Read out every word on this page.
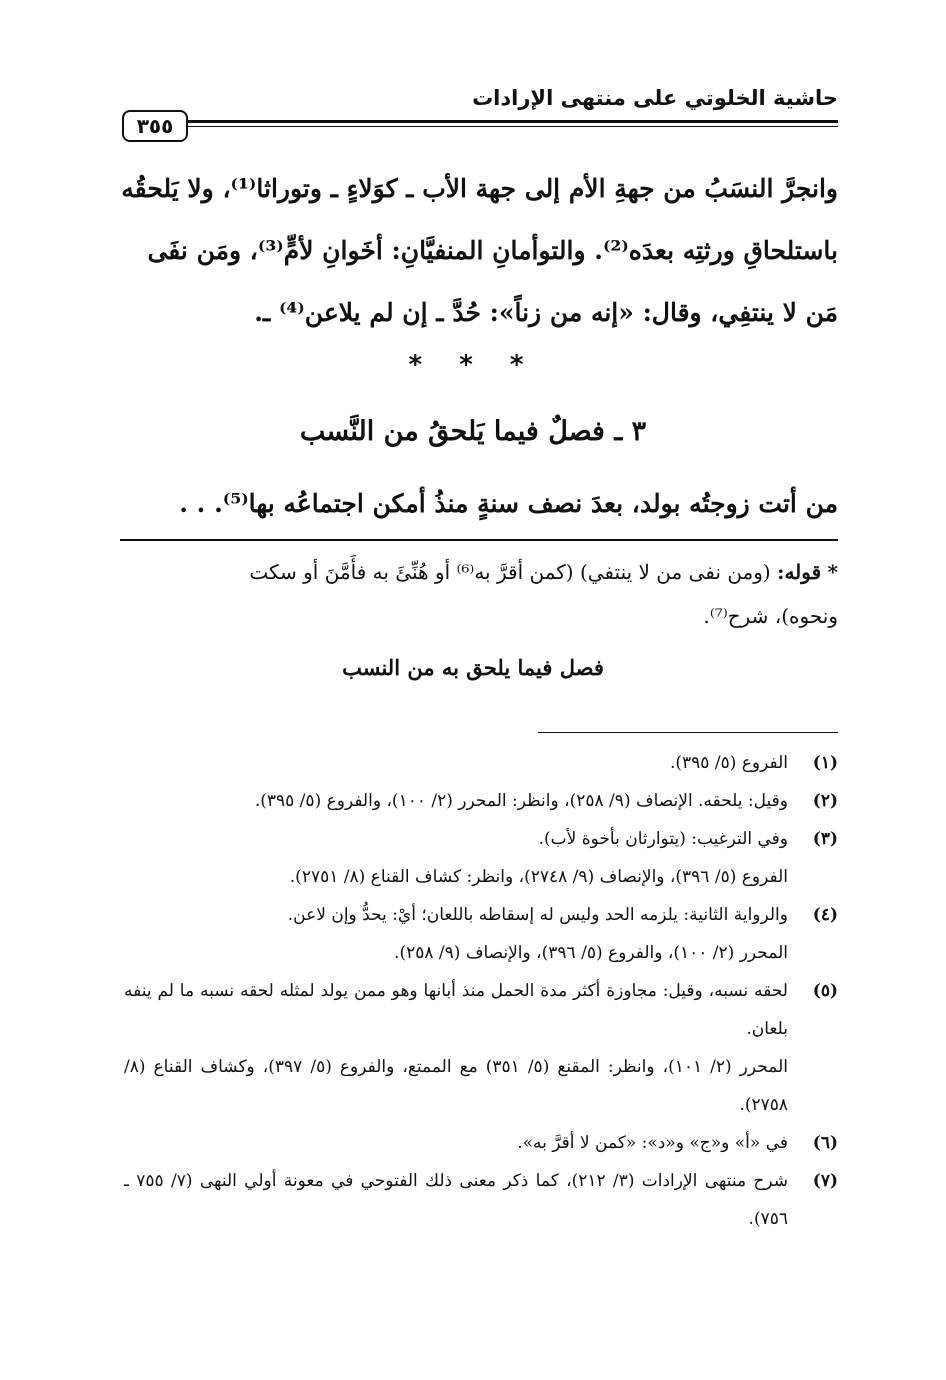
حاشية الخلوتي على منتهى الإرادات
٣٥٥

وانجرَّ النسَبُ من جهةِ الأم إلى جهة الأب ـ كوَلاءٍ ـ وتوراثا⁽¹⁾، ولا يَلحقُه

باستلحاقِ ورثتِه بعدَه⁽²⁾. والتوأمانِ المنفيَّانِ: أخَوانِ لأمٍّ⁽³⁾، ومَن نفَى

مَن لا ينتفِي، وقال: «إنه من زناً»: حُدَّ ـ إن لم يلاعن⁽⁴⁾ ـ.

* * *
٣ ـ فصلٌ فيما يَلحقُ من النَّسب
من أتت زوجتُه بولد، بعدَ نصف سنةٍ منذُ أمكن اجتماعُه بها⁽⁵⁾. . .

* قوله: (ومن نفى من لا ينتفي) (كمن أقرَّ به⁽⁶⁾ أو هُنِّئَ به فأَمَّنَ أو سكت

ونحوه)، شرح⁽⁷⁾.

فصل فيما يلحق به من النسب
(١)
الفروع (٥/ ٣٩٥).
(٢)
وقيل: يلحقه. الإنصاف (٩/ ٢٥٨)، وانظر: المحرر (٢/ ١٠٠)، والفروع (٥/ ٣٩٥).
(٣)
وفي الترغيب: (يتوارثان بأخوة لأب).
الفروع (٥/ ٣٩٦)، والإنصاف (٩/ ٢٧٤٨)، وانظر: كشاف القناع (٨/ ٢٧٥١).
(٤)
والرواية الثانية: يلزمه الحد وليس له إسقاطه باللعان؛ أيْ: يحدُّ وإن لاعن.
المحرر (٢/ ١٠٠)، والفروع (٥/ ٣٩٦)، والإنصاف (٩/ ٢٥٨).
(٥)
لحقه نسبه، وقيل: مجاوزة أكثر مدة الحمل منذ أبانها وهو ممن يولد لمثله لحقه نسبه ما لم ينفه بلعان.
المحرر (٢/ ١٠١)، وانظر: المقنع (٥/ ٣٥١) مع الممتع، والفروع (٥/ ٣٩٧)، وكشاف القناع (٨/ ٢٧٥٨).
(٦)
في «أ» و«ج» و«د»: «كمن لا أقرَّ به».
(٧)
شرح منتهى الإرادات (٣/ ٢١٢)، كما ذكر معنى ذلك الفتوحي في معونة أولي النهى (٧/ ٧٥٥ ـ ٧٥٦).
